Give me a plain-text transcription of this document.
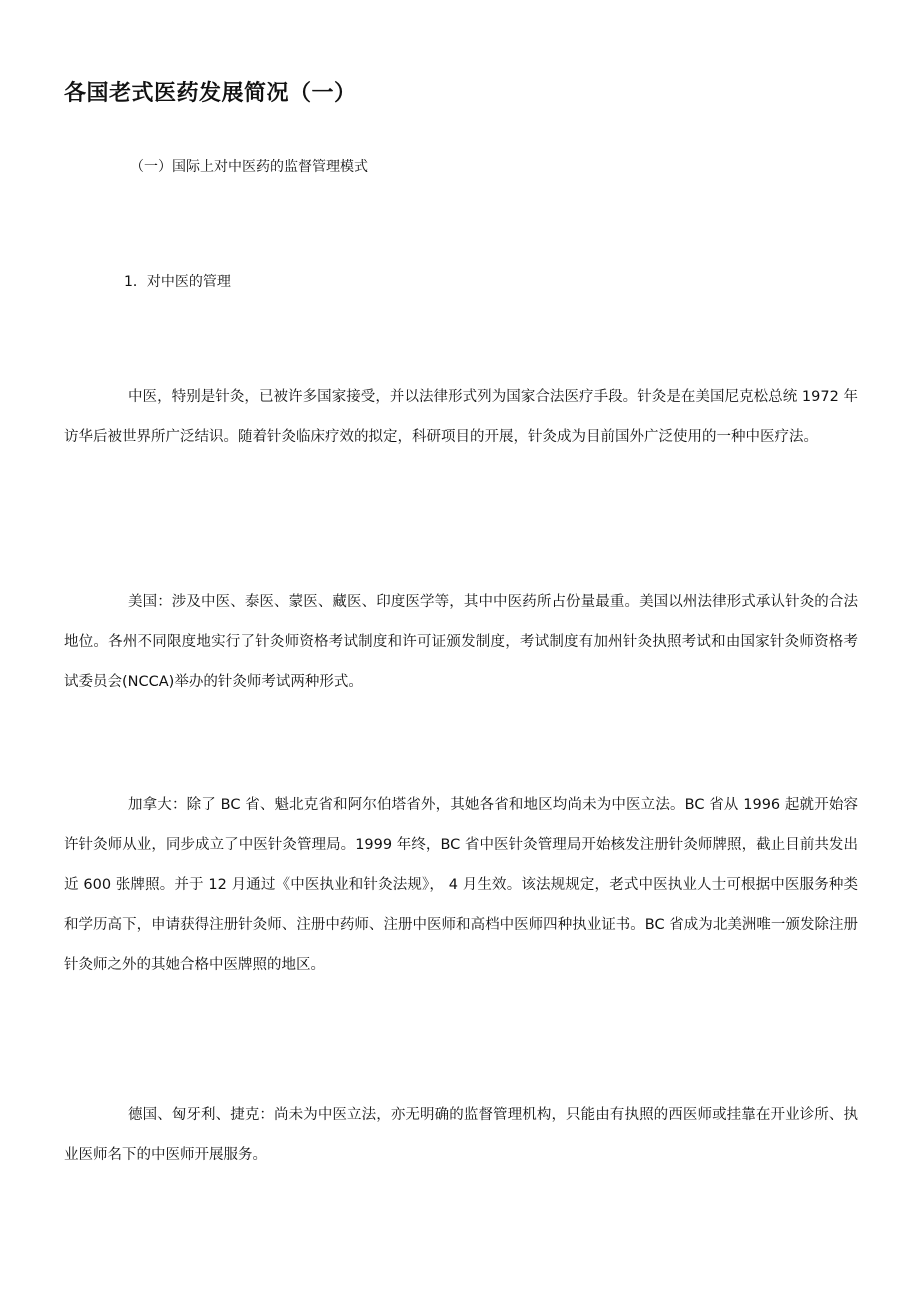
各国老式医药发展简况（一）

（一）国际上对中医药的监督管理模式

1．对中医的管理

中医，特别是针灸，已被许多国家接受，并以法律形式列为国家合法医疗手段。针灸是在美国尼克松总统 1972 年访华后被世界所广泛结识。随着针灸临床疗效的拟定，科研项目的开展，针灸成为目前国外广泛使用的一种中医疗法。

美国：涉及中医、泰医、蒙医、藏医、印度医学等，其中中医药所占份量最重。美国以州法律形式承认针灸的合法地位。各州不同限度地实行了针灸师资格考试制度和许可证颁发制度，考试制度有加州针灸执照考试和由国家针灸师资格考试委员会(NCCA)举办的针灸师考试两种形式。

加拿大：除了 BC 省、魁北克省和阿尔伯塔省外，其她各省和地区均尚未为中医立法。BC 省从 1996 起就开始容许针灸师从业，同步成立了中医针灸管理局。1999 年终，BC 省中医针灸管理局开始核发注册针灸师牌照，截止目前共发出近 600 张牌照。并于 12 月通过《中医执业和针灸法规》， 4 月生效。该法规规定，老式中医执业人士可根据中医服务种类和学历高下，申请获得注册针灸师、注册中药师、注册中医师和高档中医师四种执业证书。BC 省成为北美洲唯一颁发除注册针灸师之外的其她合格中医牌照的地区。

德国、匈牙利、捷克：尚未为中医立法，亦无明确的监督管理机构，只能由有执照的西医师或挂靠在开业诊所、执业医师名下的中医师开展服务。
